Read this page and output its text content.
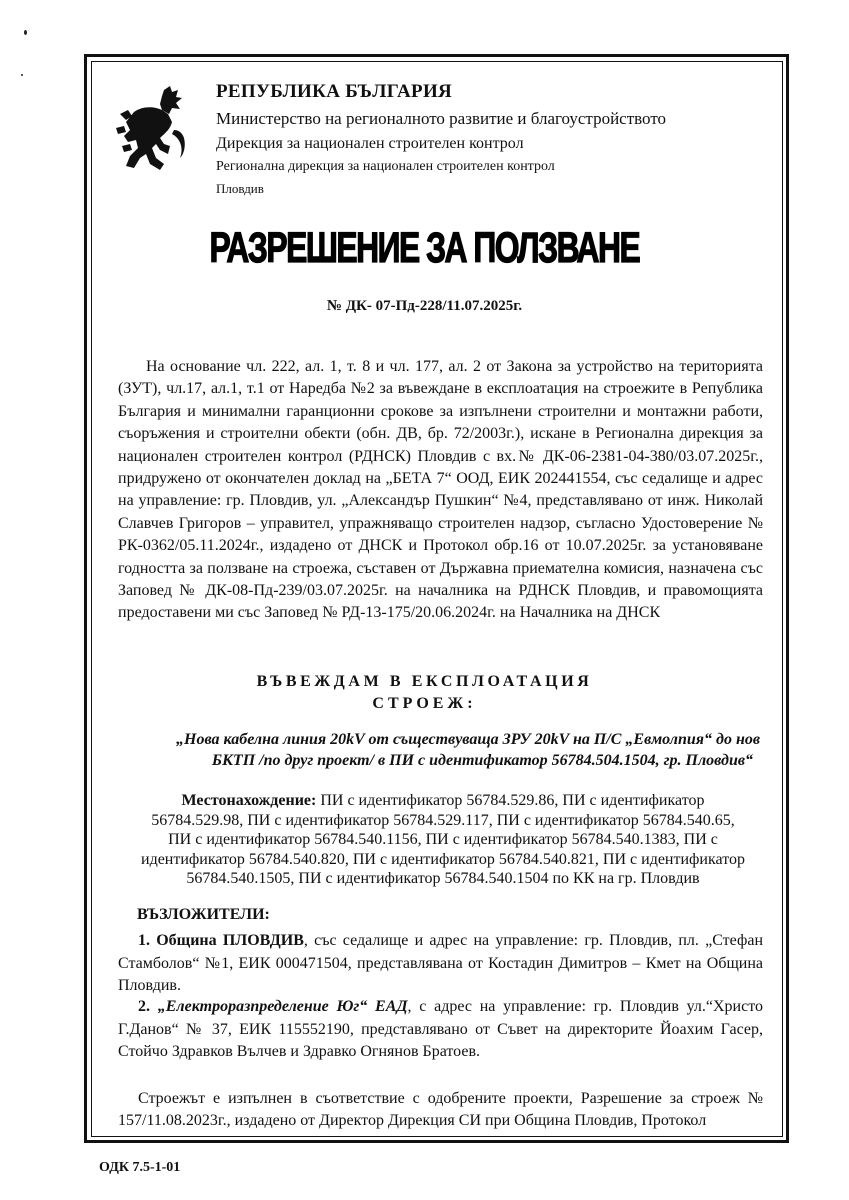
РЕПУБЛИКА БЪЛГАРИЯ
Министерство на регионалното развитие и благоустройството
Дирекция за национален строителен контрол
Регионална дирекция за национален строителен контрол
Пловдив
РАЗРЕШЕНИЕ ЗА ПОЛЗВАНЕ
№ ДК- 07-Пд-228/11.07.2025г.
На основание чл. 222, ал. 1, т. 8 и чл. 177, ал. 2 от Закона за устройство на територията (ЗУТ), чл.17, ал.1, т.1 от Наредба №2 за въвеждане в експлоатация на строежите в Република България и минимални гаранционни срокове за изпълнени строителни и монтажни работи, съоръжения и строителни обекти (обн. ДВ, бр. 72/2003г.), искане в Регионална дирекция за национален строителен контрол (РДНСК) Пловдив с вх.№ ДК-06-2381-04-380/03.07.2025г., придружено от окончателен доклад на „БЕТА 7“ ООД, ЕИК 202441554, със седалище и адрес на управление: гр. Пловдив, ул. „Александър Пушкин“ №4, представлявано от инж. Николай Славчев Григоров – управител, упражняващо строителен надзор, съгласно Удостоверение № РК-0362/05.11.2024г., издадено от ДНСК и Протокол обр.16 от 10.07.2025г. за установяване годността за ползване на строежа, съставен от Държавна приемателна комисия, назначена със Заповед № ДК-08-Пд-239/03.07.2025г. на началника на РДНСК Пловдив, и правомощията предоставени ми със Заповед № РД-13-175/20.06.2024г. на Началника на ДНСК
ВЪВЕЖДАМ В ЕКСПЛОАТАЦИЯ
СТРОЕЖ:
„Нова кабелна линия 20kV от съществуваща ЗРУ 20kV на П/С „Евмолпия“ до нов
БКТП /по друг проект/ в ПИ с идентификатор 56784.504.1504, гр. Пловдив“
Местонахождение: ПИ с идентификатор 56784.529.86, ПИ с идентификатор
56784.529.98, ПИ с идентификатор 56784.529.117, ПИ с идентификатор 56784.540.65,
ПИ с идентификатор 56784.540.1156, ПИ с идентификатор 56784.540.1383, ПИ с
идентификатор 56784.540.820, ПИ с идентификатор 56784.540.821, ПИ с идентификатор
56784.540.1505, ПИ с идентификатор 56784.540.1504 по КК на гр. Пловдив
ВЪЗЛОЖИТЕЛИ:
1. Община ПЛОВДИВ, със седалище и адрес на управление: гр. Пловдив, пл. „Стефан Стамболов“ №1, ЕИК 000471504, представлявана от Костадин Димитров – Кмет на Община Пловдив.
2. „Електроразпределение Юг“ ЕАД, с адрес на управление: гр. Пловдив ул.“Христо Г.Данов“ № 37, ЕИК 115552190, представлявано от Съвет на директорите Йоахим Гасер, Стойчо Здравков Вълчев и Здравко Огнянов Братоев.
Строежът е изпълнен в съответствие с одобрените проекти, Разрешение за строеж № 157/11.08.2023г., издадено от Директор Дирекция СИ при Община Пловдив, Протокол
ОДК 7.5-1-01
